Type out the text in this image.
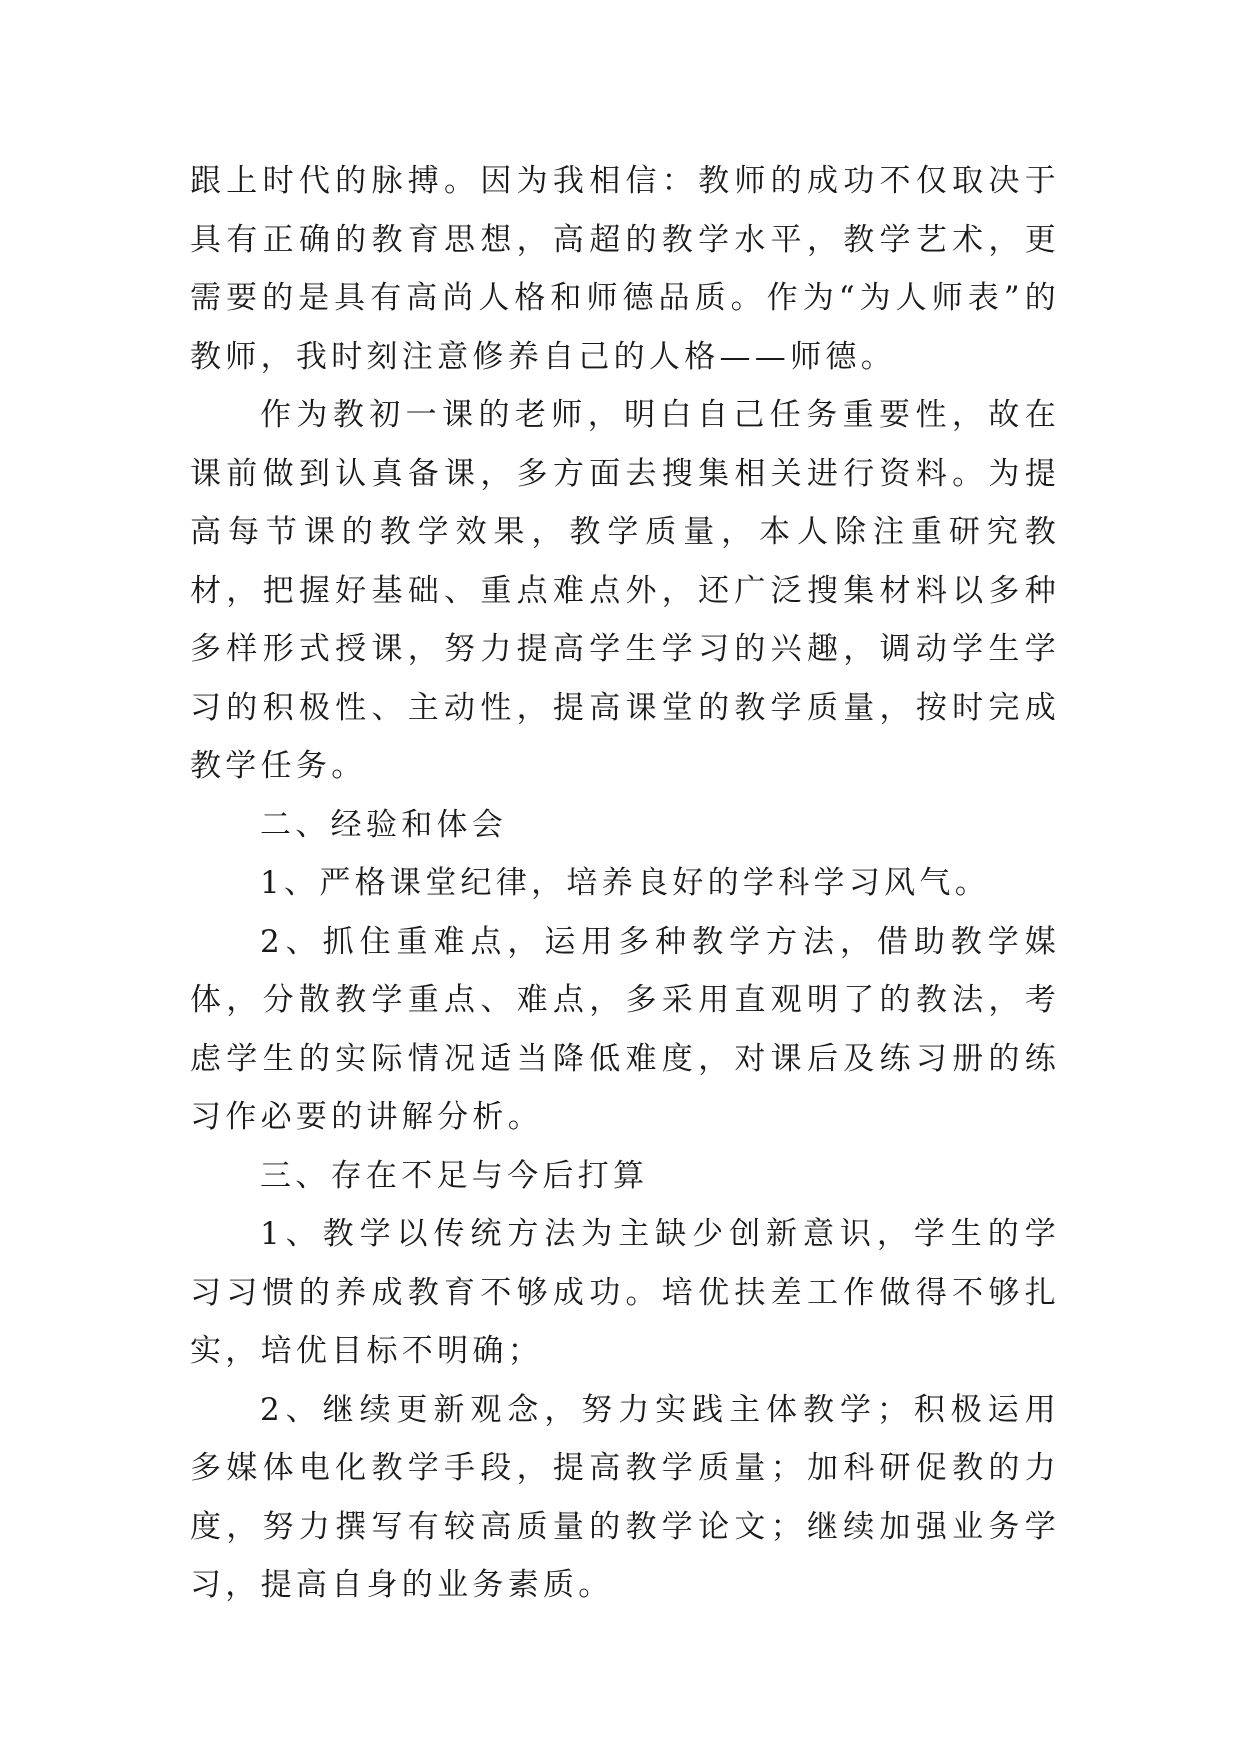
跟上时代的脉搏。因为我相信：教师的成功不仅取决于具有正确的教育思想，高超的教学水平，教学艺术，更需要的是具有高尚人格和师德品质。作为“为人师表”的教师，我时刻注意修养自己的人格——师德。

作为教初一课的老师，明白自己任务重要性，故在课前做到认真备课，多方面去搜集相关进行资料。为提高每节课的教学效果，教学质量，本人除注重研究教材，把握好基础、重点难点外，还广泛搜集材料以多种多样形式授课，努力提高学生学习的兴趣，调动学生学习的积极性、主动性，提高课堂的教学质量，按时完成教学任务。

二、经验和体会

1、严格课堂纪律，培养良好的学科学习风气。

2、抓住重难点，运用多种教学方法，借助教学媒体，分散教学重点、难点，多采用直观明了的教法，考虑学生的实际情况适当降低难度，对课后及练习册的练习作必要的讲解分析。

三、存在不足与今后打算

1、教学以传统方法为主缺少创新意识，学生的学习习惯的养成教育不够成功。培优扶差工作做得不够扎实，培优目标不明确；

2、继续更新观念，努力实践主体教学；积极运用多媒体电化教学手段，提高教学质量；加科研促教的力度，努力撰写有较高质量的教学论文；继续加强业务学习，提高自身的业务素质。
